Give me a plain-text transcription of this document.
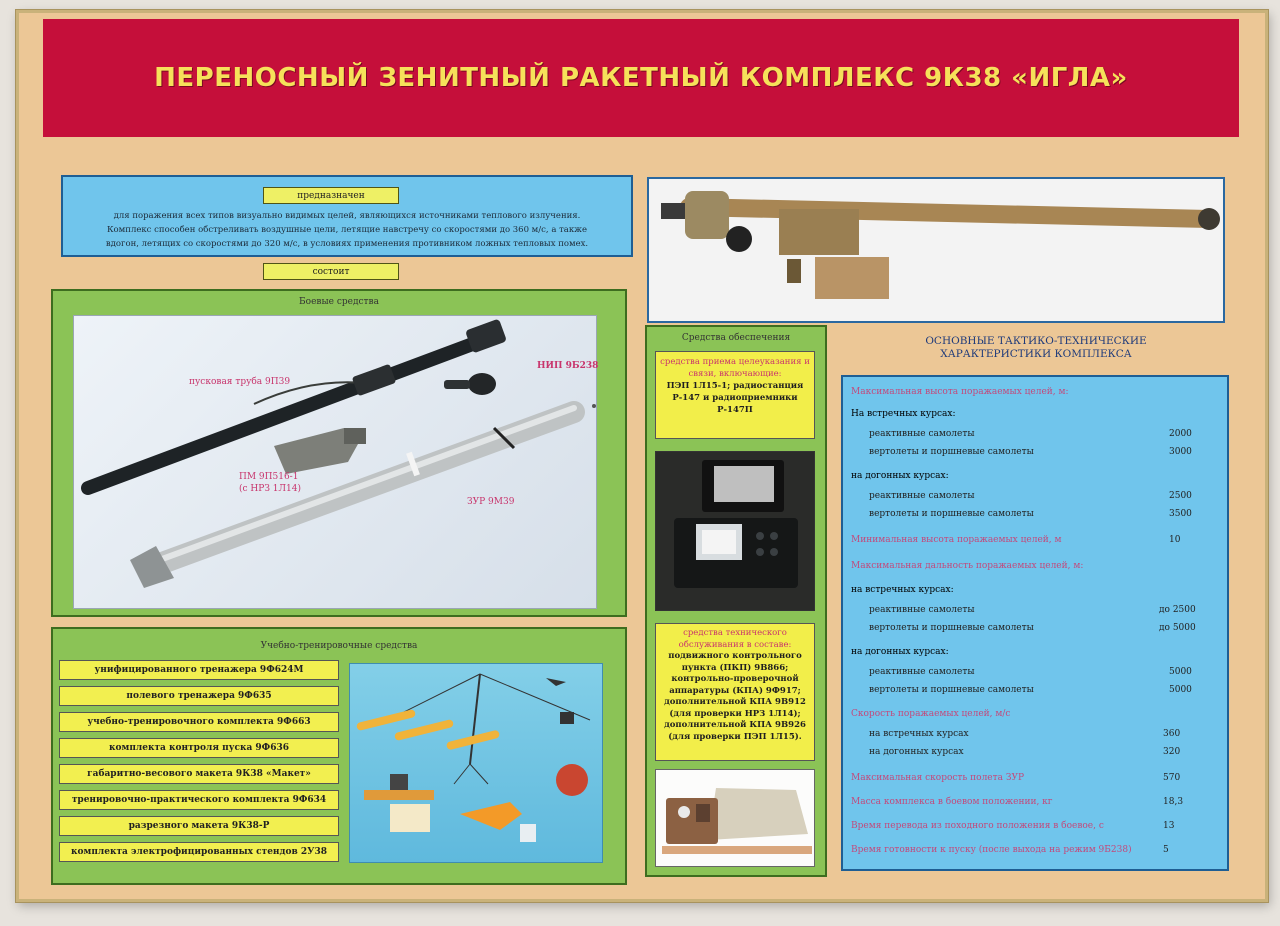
ПЕРЕНОСНЫЙ ЗЕНИТНЫЙ РАКЕТНЫЙ КОМПЛЕКС 9К38 «ИГЛА»
предназначен
для поражения всех типов визуально видимых целей, являющихся источниками теплового излучения.
Комплекс способен обстреливать воздушные цели, летящие навстречу со скоростями до 360 м/с, а также
вдогон, летящих со скоростями до 320 м/с, в условиях применения противником ложных тепловых помех.
состоит
Боевые средства
пусковая труба 9П39
НИП 9Б238
ПМ 9П516-1
(с НРЗ 1Л14)
ЗУР 9М39
Учебно-тренировочные средства
унифицированного тренажера 9Ф624М
полевого тренажера 9Ф635
учебно-тренировочного комплекта 9Ф663
комплекта контроля пуска 9Ф636
габаритно-весового макета 9К38 «Макет»
тренировочно-практического комплекта 9Ф634
разрезного макета 9К38-Р
комплекта электрофицированных стендов 2У38
Средства обеспечения
средства приема целеуказания и связи, включающие:
ПЭП 1Л15-1; радиостанция Р-147 и радиоприемники Р-147П
средства технического обслуживания в составе:
подвижного контрольного пункта (ПКП) 9В866; контрольно-проверочной аппаратуры (КПА) 9Ф917; дополнительной КПА 9В912 (для проверки НРЗ 1Л14); дополнительной КПА 9В926 (для проверки ПЭП 1Л15).
ОСНОВНЫЕ ТАКТИКО-ТЕХНИЧЕСКИЕ
ХАРАКТЕРИСТИКИ КОМПЛЕКСА
Максимальная высота поражаемых целей, м:
На встречных курсах:
реактивные самолеты	2000
вертолеты и поршневые самолеты	3000
на догонных курсах:
реактивные самолеты	2500
вертолеты и поршневые самолеты	3500
Минимальная высота поражаемых целей, м	10
Максимальная дальность поражаемых целей, м:
на встречных курсах:
реактивные самолеты	до 2500
вертолеты и поршневые самолеты	до 5000
на догонных курсах:
реактивные самолеты	5000
вертолеты и поршневые самолеты	5000
Скорость поражаемых целей, м/с
на встречных курсах	360
на догонных курсах	320
Максимальная скорость полета ЗУР	570
Масса комплекса в боевом положении, кг	18,3
Время перевода из походного положения в боевое, с	13
Время готовности к пуску (после выхода на режим 9Б238)	5
